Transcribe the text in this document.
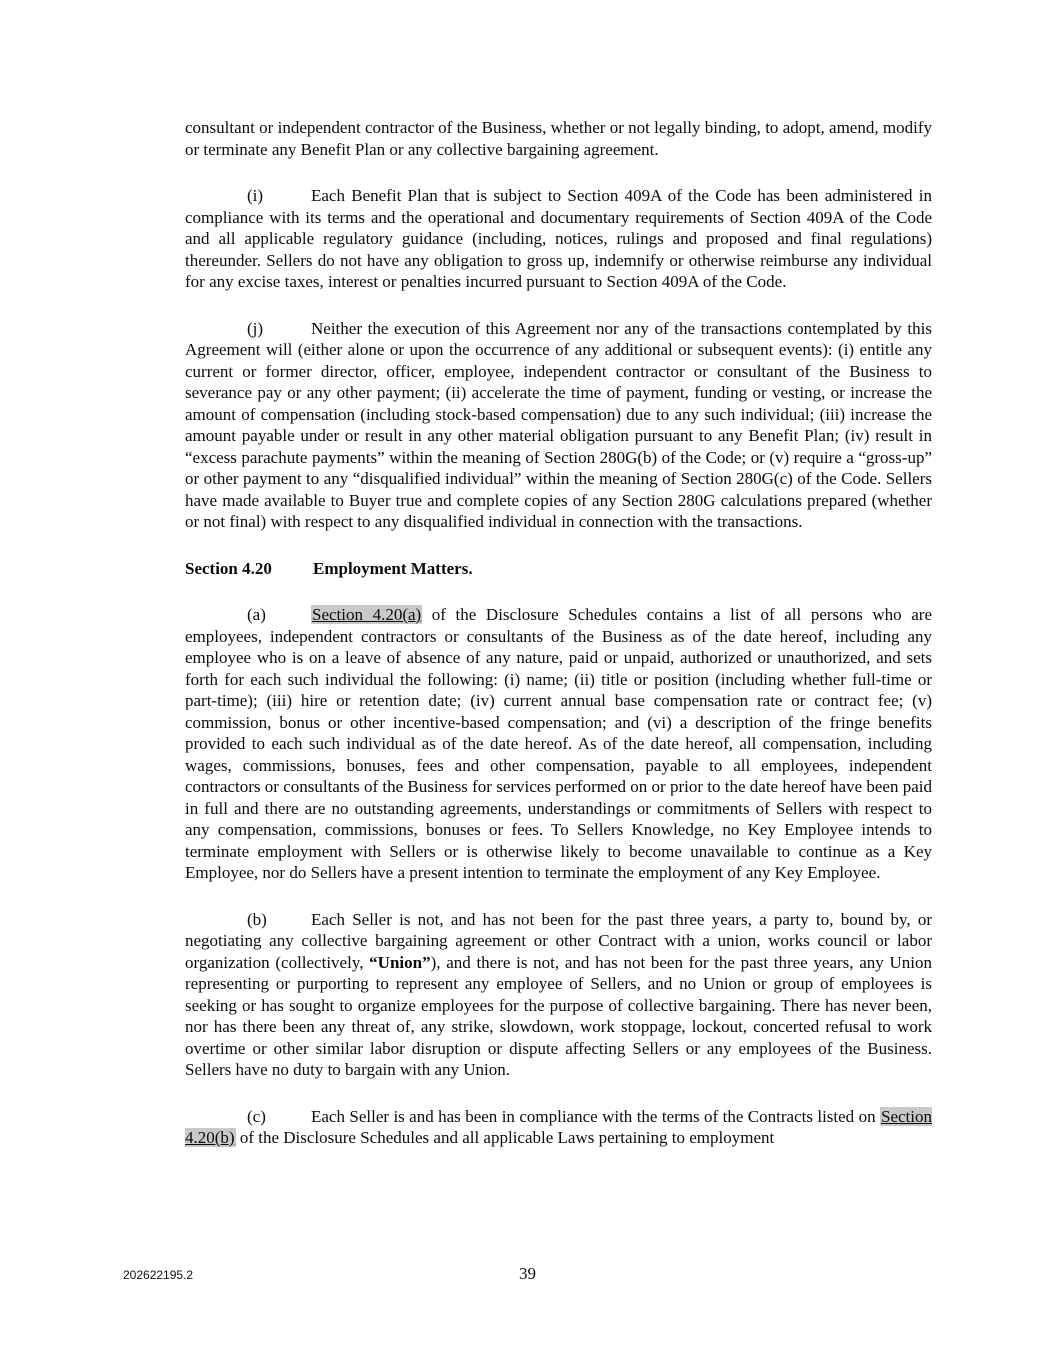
consultant or independent contractor of the Business, whether or not legally binding, to adopt, amend, modify or terminate any Benefit Plan or any collective bargaining agreement.

(i)	Each Benefit Plan that is subject to Section 409A of the Code has been administered in compliance with its terms and the operational and documentary requirements of Section 409A of the Code and all applicable regulatory guidance (including, notices, rulings and proposed and final regulations) thereunder. Sellers do not have any obligation to gross up, indemnify or otherwise reimburse any individual for any excise taxes, interest or penalties incurred pursuant to Section 409A of the Code.

(j)	Neither the execution of this Agreement nor any of the transactions contemplated by this Agreement will (either alone or upon the occurrence of any additional or subsequent events): (i) entitle any current or former director, officer, employee, independent contractor or consultant of the Business to severance pay or any other payment; (ii) accelerate the time of payment, funding or vesting, or increase the amount of compensation (including stock-based compensation) due to any such individual; (iii) increase the amount payable under or result in any other material obligation pursuant to any Benefit Plan; (iv) result in “excess parachute payments” within the meaning of Section 280G(b) of the Code; or (v) require a “gross-up” or other payment to any “disqualified individual” within the meaning of Section 280G(c) of the Code. Sellers have made available to Buyer true and complete copies of any Section 280G calculations prepared (whether or not final) with respect to any disqualified individual in connection with the transactions.

Section 4.20 Employment Matters.

(a)	Section 4.20(a) of the Disclosure Schedules contains a list of all persons who are employees, independent contractors or consultants of the Business as of the date hereof, including any employee who is on a leave of absence of any nature, paid or unpaid, authorized or unauthorized, and sets forth for each such individual the following: (i) name; (ii) title or position (including whether full-time or part-time); (iii) hire or retention date; (iv) current annual base compensation rate or contract fee; (v) commission, bonus or other incentive-based compensation; and (vi) a description of the fringe benefits provided to each such individual as of the date hereof. As of the date hereof, all compensation, including wages, commissions, bonuses, fees and other compensation, payable to all employees, independent contractors or consultants of the Business for services performed on or prior to the date hereof have been paid in full and there are no outstanding agreements, understandings or commitments of Sellers with respect to any compensation, commissions, bonuses or fees. To Sellers Knowledge, no Key Employee intends to terminate employment with Sellers or is otherwise likely to become unavailable to continue as a Key Employee, nor do Sellers have a present intention to terminate the employment of any Key Employee.

(b)	Each Seller is not, and has not been for the past three years, a party to, bound by, or negotiating any collective bargaining agreement or other Contract with a union, works council or labor organization (collectively, “Union”), and there is not, and has not been for the past three years, any Union representing or purporting to represent any employee of Sellers, and no Union or group of employees is seeking or has sought to organize employees for the purpose of collective bargaining. There has never been, nor has there been any threat of, any strike, slowdown, work stoppage, lockout, concerted refusal to work overtime or other similar labor disruption or dispute affecting Sellers or any employees of the Business. Sellers have no duty to bargain with any Union.

(c)	Each Seller is and has been in compliance with the terms of the Contracts listed on Section 4.20(b) of the Disclosure Schedules and all applicable Laws pertaining to employment

202622195.2	39
